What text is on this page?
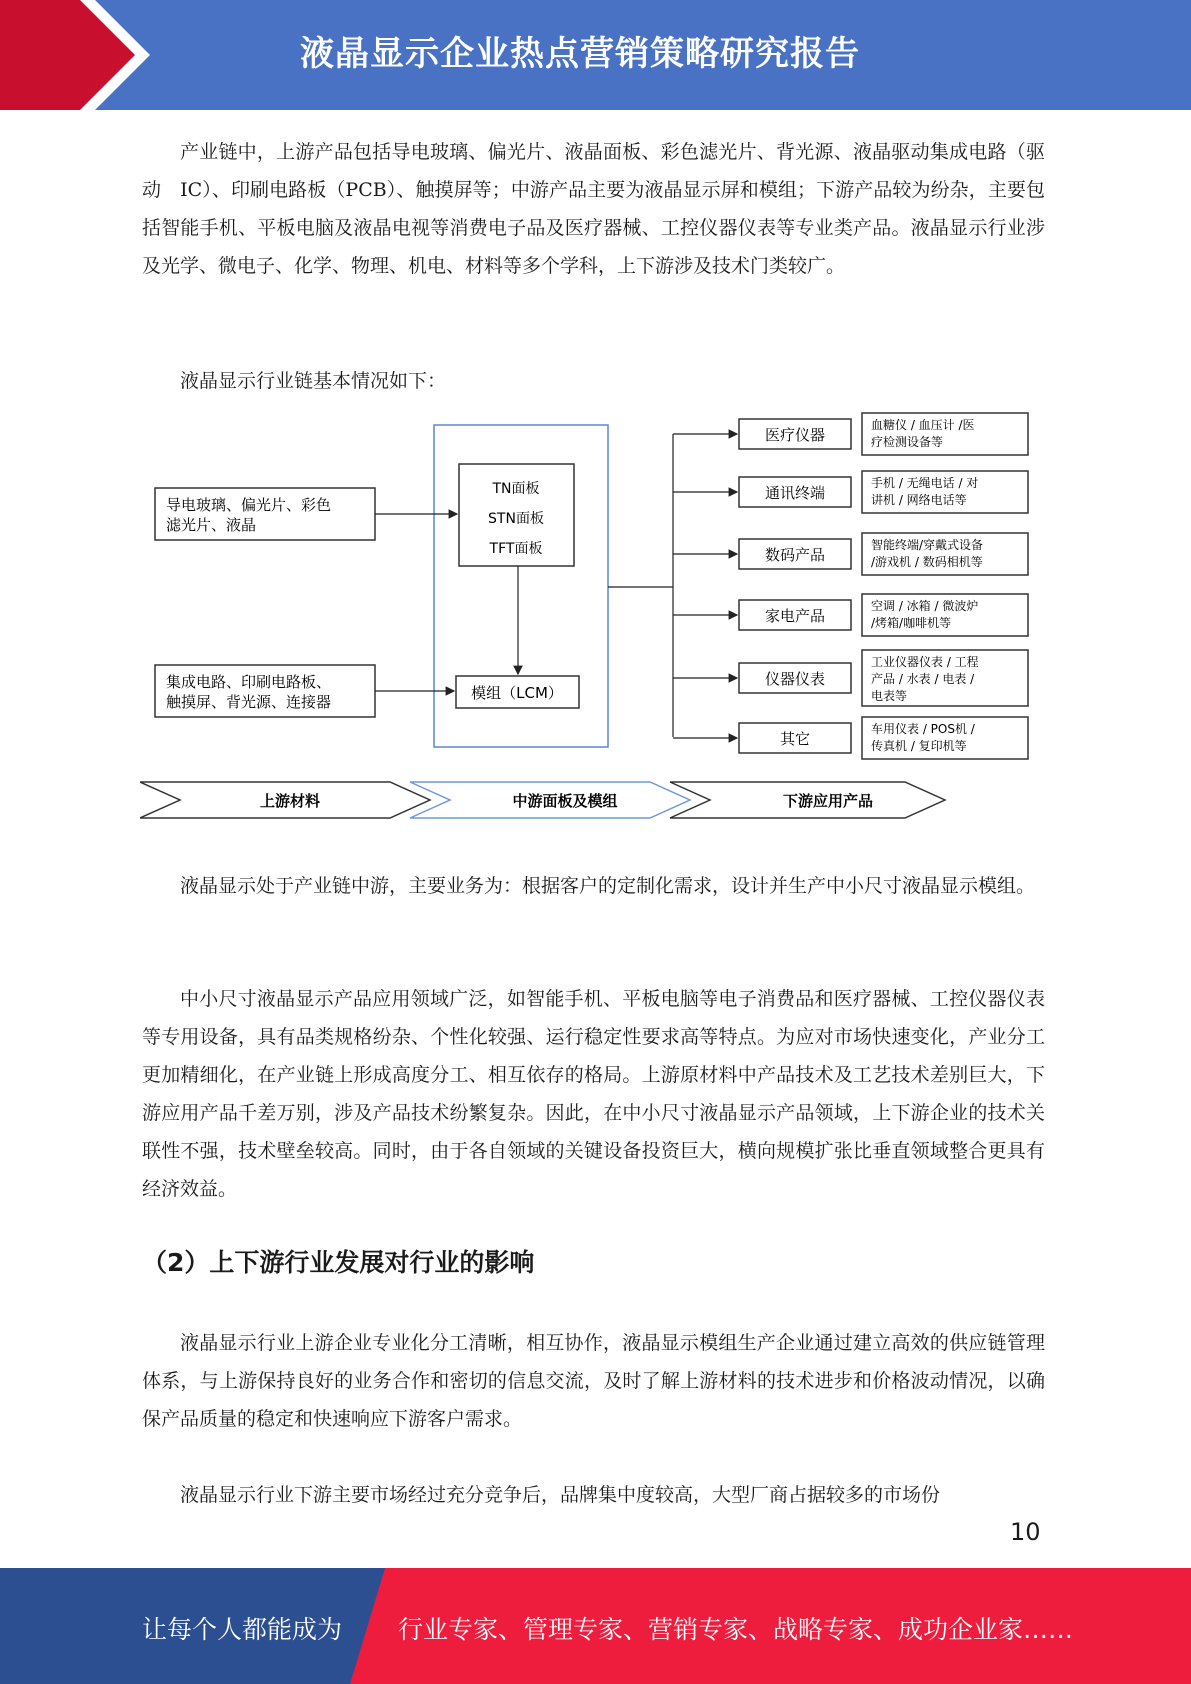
液晶显示企业热点营销策略研究报告
产业链中，上游产品包括导电玻璃、偏光片、液晶面板、彩色滤光片、背光源、液晶驱动集成电路（驱动　IC）、印刷电路板（PCB）、触摸屏等；中游产品主要为液晶显示屏和模组；下游产品较为纷杂，主要包括智能手机、平板电脑及液晶电视等消费电子品及医疗器械、工控仪器仪表等专业类产品。液晶显示行业涉及光学、微电子、化学、物理、机电、材料等多个学科，上下游涉及技术门类较广。
液晶显示行业链基本情况如下：
导电玻璃、偏光片、彩色
滤光片、液晶
集成电路、印刷电路板、
触摸屏、背光源、连接器
TN面板
STN面板
TFT面板
模组（LCM）
医疗仪器
血糖仪 / 血压计 /医
疗检测设备等
通讯终端
手机 / 无绳电话 / 对
讲机 / 网络电话等
数码产品
智能终端/穿戴式设备
/游戏机 / 数码相机等
家电产品
空调 / 冰箱 / 微波炉
/烤箱/咖啡机等
仪器仪表
工业仪器仪表 / 工程
产品 / 水表 / 电表 /
电表等
其它
车用仪表 / POS机 /
传真机 / 复印机等
上游材料	中游面板及模组	下游应用产品
液晶显示处于产业链中游，主要业务为：根据客户的定制化需求，设计并生产中小尺寸液晶显示模组。
中小尺寸液晶显示产品应用领域广泛，如智能手机、平板电脑等电子消费品和医疗器械、工控仪器仪表等专用设备，具有品类规格纷杂、个性化较强、运行稳定性要求高等特点。为应对市场快速变化，产业分工更加精细化，在产业链上形成高度分工、相互依存的格局。上游原材料中产品技术及工艺技术差别巨大，下游应用产品千差万别，涉及产品技术纷繁复杂。因此，在中小尺寸液晶显示产品领域，上下游企业的技术关联性不强，技术壁垒较高。同时，由于各自领域的关键设备投资巨大，横向规模扩张比垂直领域整合更具有经济效益。
（2）上下游行业发展对行业的影响
液晶显示行业上游企业专业化分工清晰，相互协作，液晶显示模组生产企业通过建立高效的供应链管理体系，与上游保持良好的业务合作和密切的信息交流，及时了解上游材料的技术进步和价格波动情况，以确保产品质量的稳定和快速响应下游客户需求。
液晶显示行业下游主要市场经过充分竞争后，品牌集中度较高，大型厂商占据较多的市场份
10
让每个人都能成为 行业专家、管理专家、营销专家、战略专家、成功企业家……
